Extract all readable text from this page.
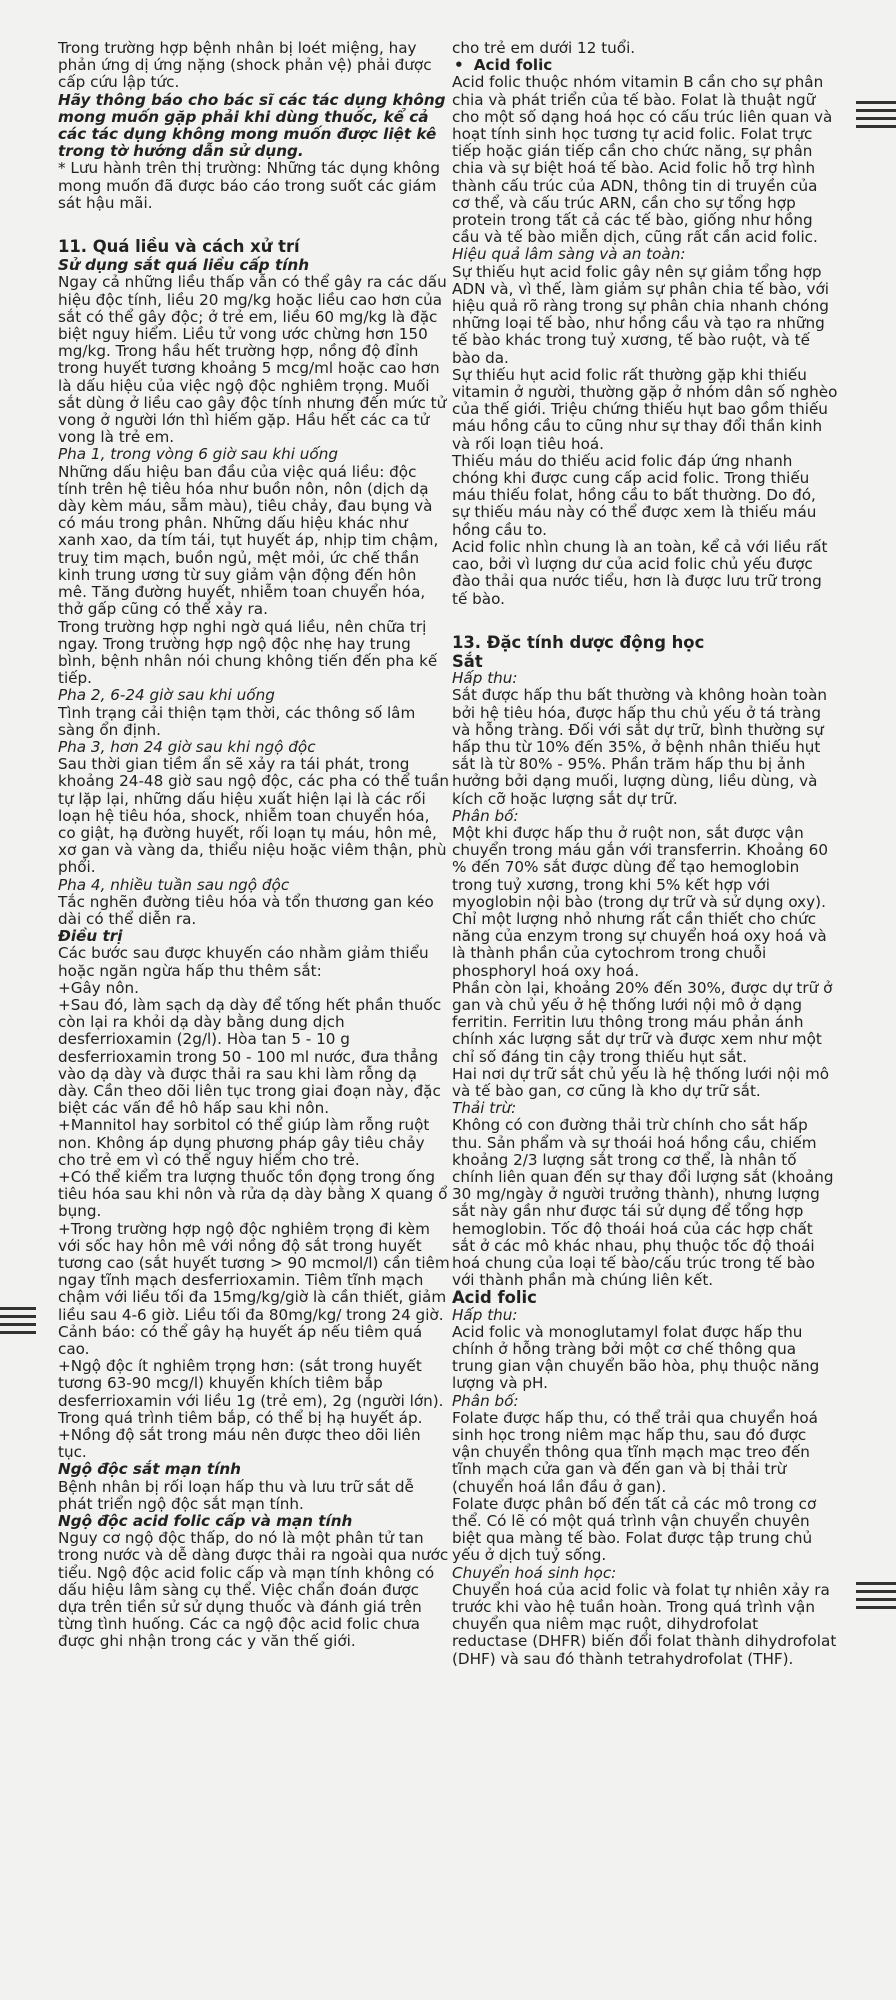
Trong trường hợp bệnh nhân bị loét miệng, hay phản ứng dị ứng nặng (shock phản vệ) phải được cấp cứu lập tức.

Hãy thông báo cho bác sĩ các tác dụng không mong muốn gặp phải khi dùng thuốc, kể cả các tác dụng không mong muốn được liệt kê trong tờ hướng dẫn sử dụng.

* Lưu hành trên thị trường: Những tác dụng không mong muốn đã được báo cáo trong suốt các giám sát hậu mãi.

11. Quá liều và cách xử trí

Sử dụng sắt quá liều cấp tính

Ngay cả những liều thấp vẫn có thể gây ra các dấu hiệu độc tính, liều 20 mg/kg hoặc liều cao hơn của sắt có thể gây độc; ở trẻ em, liều 60 mg/kg là đặc biệt nguy hiểm. Liều tử vong ước chừng hơn 150 mg/kg. Trong hầu hết trường hợp, nồng độ đỉnh trong huyết tương khoảng 5 mcg/ml hoặc cao hơn là dấu hiệu của việc ngộ độc nghiêm trọng. Muối sắt dùng ở liều cao gây độc tính nhưng đến mức tử vong ở người lớn thì hiếm gặp. Hầu hết các ca tử vong là trẻ em.

Pha 1, trong vòng 6 giờ sau khi uống

Những dấu hiệu ban đầu của việc quá liều: độc tính trên hệ tiêu hóa như buồn nôn, nôn (dịch dạ dày kèm máu, sẫm màu), tiêu chảy, đau bụng và có máu trong phân. Những dấu hiệu khác như xanh xao, da tím tái, tụt huyết áp, nhịp tim chậm, truỵ tim mạch, buồn ngủ, mệt mỏi, ức chế thần kinh trung ương từ suy giảm vận động đến hôn mê. Tăng đường huyết, nhiễm toan chuyển hóa, thở gấp cũng có thể xảy ra.

Trong trường hợp nghi ngờ quá liều, nên chữa trị ngay. Trong trường hợp ngộ độc nhẹ hay trung bình, bệnh nhân nói chung không tiến đến pha kế tiếp.

Pha 2, 6-24 giờ sau khi uống

Tình trạng cải thiện tạm thời, các thông số lâm sàng ổn định.

Pha 3, hơn 24 giờ sau khi ngộ độc

Sau thời gian tiềm ẩn sẽ xảy ra tái phát, trong khoảng 24-48 giờ sau ngộ độc, các pha có thể tuần tự lặp lại, những dấu hiệu xuất hiện lại là các rối loạn hệ tiêu hóa, shock, nhiễm toan chuyển hóa, co giật, hạ đường huyết, rối loạn tụ máu, hôn mê, xơ gan và vàng da, thiểu niệu hoặc viêm thận, phù phổi.

Pha 4, nhiều tuần sau ngộ độc

Tắc nghẽn đường tiêu hóa và tổn thương gan kéo dài có thể diễn ra.

Điều trị

Các bước sau được khuyến cáo nhằm giảm thiểu hoặc ngăn ngừa hấp thu thêm sắt:

+Gây nôn.

+Sau đó, làm sạch dạ dày để tống hết phần thuốc còn lại ra khỏi dạ dày bằng dung dịch desferrioxamin (2g/l). Hòa tan 5 - 10 g desferrioxamin trong 50 - 100 ml nước, đưa thẳng vào dạ dày và được thải ra sau khi làm rỗng dạ dày. Cần theo dõi liên tục trong giai đoạn này, đặc biệt các vấn đề hô hấp sau khi nôn.

+Mannitol hay sorbitol có thể giúp làm rỗng ruột non. Không áp dụng phương pháp gây tiêu chảy cho trẻ em vì có thể nguy hiểm cho trẻ.

+Có thể kiểm tra lượng thuốc tồn đọng trong ống tiêu hóa sau khi nôn và rửa dạ dày bằng X quang ổ bụng.

+Trong trường hợp ngộ độc nghiêm trọng đi kèm với sốc hay hôn mê với nồng độ sắt trong huyết tương cao (sắt huyết tương > 90 mcmol/l) cần tiêm ngay tĩnh mạch desferrioxamin. Tiêm tĩnh mạch chậm với liều tối đa 15mg/kg/giờ là cần thiết, giảm liều sau 4-6 giờ. Liều tối đa 80mg/kg/ trong 24 giờ. Cảnh báo: có thể gây hạ huyết áp nếu tiêm quá cao.

+Ngộ độc ít nghiêm trọng hơn: (sắt trong huyết tương 63-90 mcg/l) khuyến khích tiêm bắp desferrioxamin với liều 1g (trẻ em), 2g (người lớn). Trong quá trình tiêm bắp, có thể bị hạ huyết áp.

+Nồng độ sắt trong máu nên được theo dõi liên tục.

Ngộ độc sắt mạn tính

Bệnh nhân bị rối loạn hấp thu và lưu trữ sắt dễ phát triển ngộ độc sắt mạn tính.

Ngộ độc acid folic cấp và mạn tính

Nguy cơ ngộ độc thấp, do nó là một phân tử tan trong nước và dễ dàng được thải ra ngoài qua nước tiểu. Ngộ độc acid folic cấp và mạn tính không có dấu hiệu lâm sàng cụ thể. Việc chẩn đoán được dựa trên tiền sử sử dụng thuốc và đánh giá trên từng tình huống. Các ca ngộ độc acid folic chưa được ghi nhận trong các y văn thế giới.

cho trẻ em dưới 12 tuổi.

• Acid folic

Acid folic thuộc nhóm vitamin B cần cho sự phân chia và phát triển của tế bào. Folat là thuật ngữ cho một số dạng hoá học có cấu trúc liên quan và hoạt tính sinh học tương tự acid folic. Folat trực tiếp hoặc gián tiếp cần cho chức năng, sự phân chia và sự biệt hoá tế bào. Acid folic hỗ trợ hình thành cấu trúc của ADN, thông tin di truyền của cơ thể, và cấu trúc ARN, cần cho sự tổng hợp protein trong tất cả các tế bào, giống như hồng cầu và tế bào miễn dịch, cũng rất cần acid folic.

Hiệu quả lâm sàng và an toàn:

Sự thiếu hụt acid folic gây nên sự giảm tổng hợp ADN và, vì thế, làm giảm sự phân chia tế bào, với hiệu quả rõ ràng trong sự phân chia nhanh chóng những loại tế bào, như hồng cầu và tạo ra những tế bào khác trong tuỷ xương, tế bào ruột, và tế bào da.

Sự thiếu hụt acid folic rất thường gặp khi thiếu vitamin ở người, thường gặp ở nhóm dân số nghèo của thế giới. Triệu chứng thiếu hụt bao gồm thiếu máu hồng cầu to cũng như sự thay đổi thần kinh và rối loạn tiêu hoá.

Thiếu máu do thiếu acid folic đáp ứng nhanh chóng khi được cung cấp acid folic. Trong thiếu máu thiếu folat, hồng cầu to bất thường. Do đó, sự thiếu máu này có thể được xem là thiếu máu hồng cầu to.

Acid folic nhìn chung là an toàn, kể cả với liều rất cao, bởi vì lượng dư của acid folic chủ yếu được đào thải qua nước tiểu, hơn là được lưu trữ trong tế bào.

13. Đặc tính dược động học

Sắt

Hấp thu:

Sắt được hấp thu bất thường và không hoàn toàn bởi hệ tiêu hóa, được hấp thu chủ yếu ở tá tràng và hỗng tràng. Đối với sắt dự trữ, bình thường sự hấp thu từ 10% đến 35%, ở bệnh nhân thiếu hụt sắt là từ 80% - 95%. Phần trăm hấp thu bị ảnh hưởng bởi dạng muối, lượng dùng, liều dùng, và kích cỡ hoặc lượng sắt dự trữ.

Phân bố:

Một khi được hấp thu ở ruột non, sắt được vận chuyển trong máu gắn với transferrin. Khoảng 60 % đến 70% sắt được dùng để tạo hemoglobin trong tuỷ xương, trong khi 5% kết hợp với myoglobin nội bào (trong dự trữ và sử dụng oxy). Chỉ một lượng nhỏ nhưng rất cần thiết cho chức năng của enzym trong sự chuyển hoá oxy hoá và là thành phần của cytochrom trong chuỗi phosphoryl hoá oxy hoá.

Phần còn lại, khoảng 20% đến 30%, được dự trữ ở gan và chủ yếu ở hệ thống lưới nội mô ở dạng ferritin. Ferritin lưu thông trong máu phản ánh chính xác lượng sắt dự trữ và được xem như một chỉ số đáng tin cậy trong thiếu hụt sắt.

Hai nơi dự trữ sắt chủ yếu là hệ thống lưới nội mô và tế bào gan, cơ cũng là kho dự trữ sắt.

Thải trừ:

Không có con đường thải trừ chính cho sắt hấp thu. Sản phẩm và sự thoái hoá hồng cầu, chiếm khoảng 2/3 lượng sắt trong cơ thể, là nhân tố chính liên quan đến sự thay đổi lượng sắt (khoảng 30 mg/ngày ở người trưởng thành), nhưng lượng sắt này gần như được tái sử dụng để tổng hợp hemoglobin. Tốc độ thoái hoá của các hợp chất sắt ở các mô khác nhau, phụ thuộc tốc độ thoái hoá chung của loại tế bào/cấu trúc trong tế bào với thành phần mà chúng liên kết.

Acid folic

Hấp thu:

Acid folic và monoglutamyl folat được hấp thu chính ở hỗng tràng bởi một cơ chế thông qua trung gian vận chuyển bão hòa, phụ thuộc năng lượng và pH.

Phân bố:

Folate được hấp thu, có thể trải qua chuyển hoá sinh học trong niêm mạc hấp thu, sau đó được vận chuyển thông qua tĩnh mạch mạc treo đến tĩnh mạch cửa gan và đến gan và bị thải trừ (chuyển hoá lần đầu ở gan).

Folate được phân bố đến tất cả các mô trong cơ thể. Có lẽ có một quá trình vận chuyển chuyên biệt qua màng tế bào. Folat được tập trung chủ yếu ở dịch tuỷ sống.

Chuyển hoá sinh học:

Chuyển hoá của acid folic và folat tự nhiên xảy ra trước khi vào hệ tuần hoàn. Trong quá trình vận chuyển qua niêm mạc ruột, dihydrofolat reductase (DHFR) biến đổi folat thành dihydrofolat (DHF) và sau đó thành tetrahydrofolat (THF).
